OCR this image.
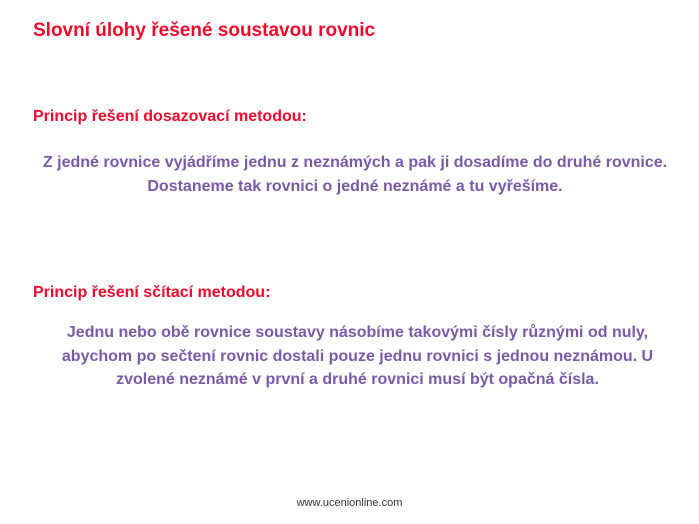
Slovní úlohy řešené soustavou rovnic
Princip řešení dosazovací metodou:
Z jedné rovnice vyjádříme jednu z neznámých a pak ji dosadíme do druhé rovnice. Dostaneme tak rovnici o jedné neznámé a tu vyřešíme.
Princip řešení sčítací metodou:
Jednu nebo obě rovnice soustavy násobíme takovými čísly různými od nuly, abychom po sečtení rovnic dostali pouze jednu rovnici s jednou neznámou. U zvolené neznámé v první a druhé rovnici musí být opačná čísla.
www.ucenionline.com
